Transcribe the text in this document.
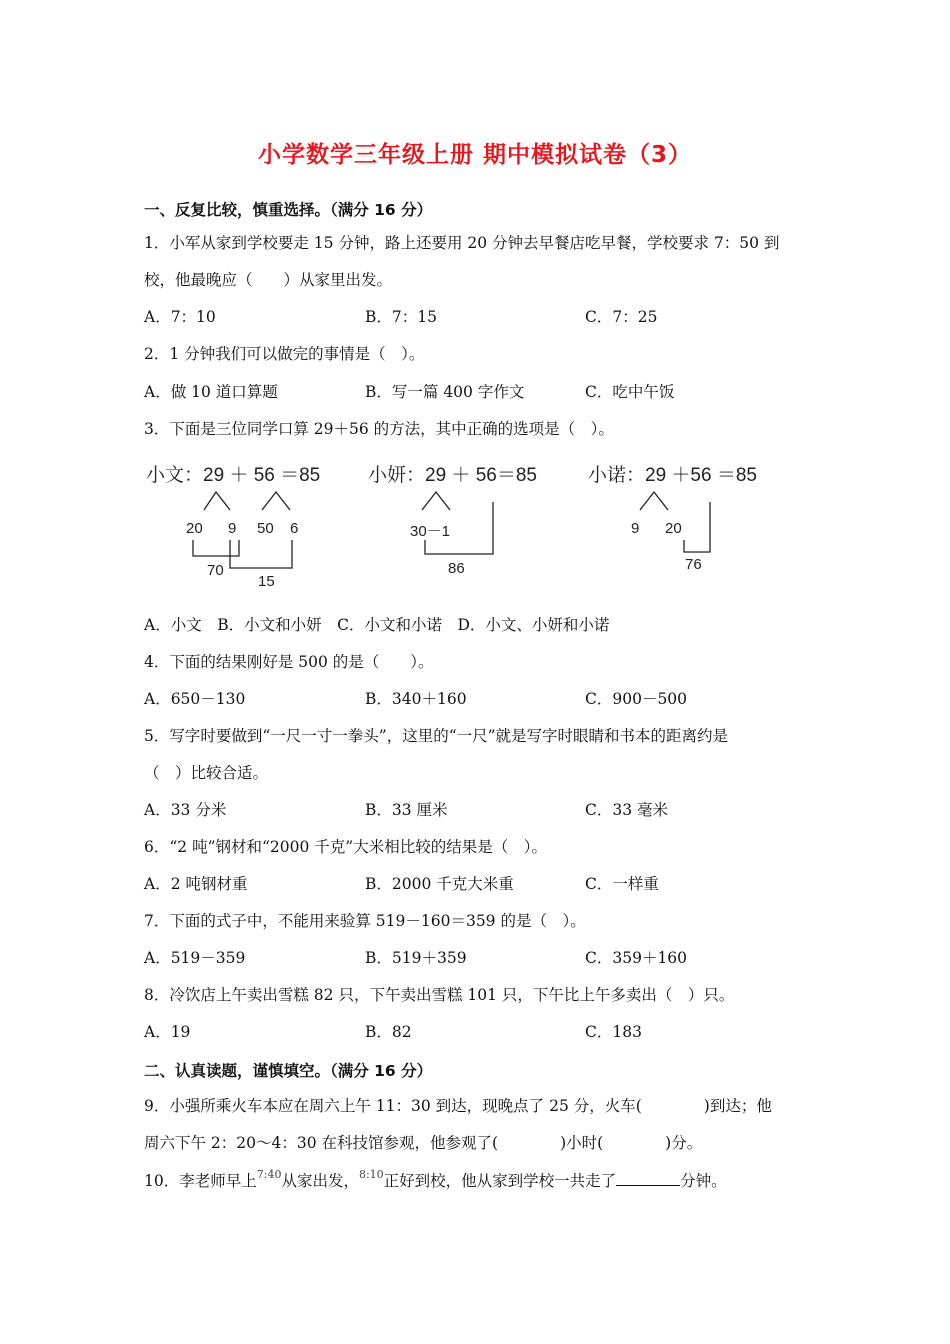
小学数学三年级上册 期中模拟试卷（3）
一、反复比较，慎重选择。（满分 16 分）
1．小军从家到学校要走 15 分钟，路上还要用 20 分钟去早餐店吃早餐，学校要求 7：50 到
校，他最晚应（　　）从家里出发。
A．7：10	B．7：15	C．7：25
2．1 分钟我们可以做完的事情是（　）。
A．做 10 道口算题	B．写一篇 400 字作文	C．吃中午饭
3．下面是三位同学口算 29＋56 的方法，其中正确的选项是（　）。
小文：29 ＋ 56 ＝85
20 9 50 6
70
15
小妍：29 ＋ 56＝85
30－1
86
小诺：29 ＋56 ＝85
9 20
76
A．小文　B．小文和小妍　C．小文和小诺　D．小文、小妍和小诺
4．下面的结果刚好是 500 的是（　　）。
A．650－130	B．340＋160	C．900－500
5．写字时要做到“一尺一寸一拳头”，这里的“一尺”就是写字时眼睛和书本的距离约是
（　）比较合适。
A．33 分米	B．33 厘米	C．33 毫米
6．“2 吨”钢材和“2000 千克”大米相比较的结果是（　）。
A．2 吨钢材重	B．2000 千克大米重	C．一样重
7．下面的式子中，不能用来验算 519－160＝359 的是（　）。
A．519－359	B．519＋359	C．359＋160
8．冷饮店上午卖出雪糕 82 只，下午卖出雪糕 101 只，下午比上午多卖出（　）只。
A．19	B．82	C．183
二、认真读题，谨慎填空。（满分 16 分）
9．小强所乘火车本应在周六上午 11：30 到达，现晚点了 25 分，火车(　　　　)到达；他
周六下午 2：20～4：30 在科技馆参观，他参观了(　　　　)小时(　　　　)分。
10．李老师早上$^{7:40}$从家出发，$^{8:10}$正好到校，他从家到学校一共走了	分钟。
